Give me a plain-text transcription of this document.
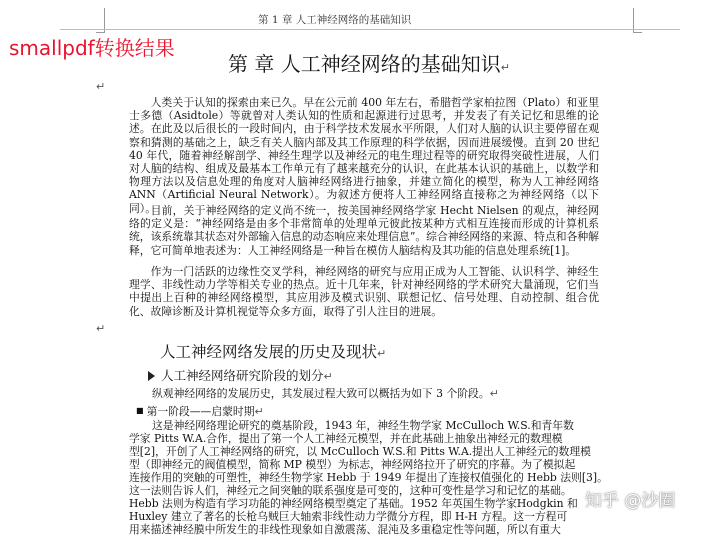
第 1 章 人工神经网络的基础知识
smallpdf转换结果
第 章 人工神经网络的基础知识↵
↵

人类关于认知的探索由来已久。早在公元前 400 年左右，希腊哲学家柏拉图（Plato）和亚里士多德（Asidtole）等就曾对人类认知的性质和起源进行过思考，并发表了有关记忆和思维的论述。在此及以后很长的一段时间内，由于科学技术发展水平所限，人们对人脑的认识主要停留在观察和猜测的基础之上，缺乏有关人脑内部及其工作原理的科学依据，因而进展缓慢。直到 20 世纪 40 年代，随着神经解剖学、神经生理学以及神经元的电生理过程等的研究取得突破性进展，人们对人脑的结构、组成及最基本工作单元有了越来越充分的认识，在此基本认识的基础上，以数学和物理方法以及信息处理的角度对人脑神经网络进行抽象，并建立简化的模型，称为人工神经网络 ANN（Artificial Neural Network）。为叙述方便将人工神经网络直接称之为神经网络（以下同）。

目前，关于神经网络的定义尚不统一，按美国神经网络学家 Hecht Nielsen 的观点，神经网络的定义是：“神经网络是由多个非常简单的处理单元彼此按某种方式相互连接而形成的计算机系统，该系统靠其状态对外部输入信息的动态响应来处理信息”。综合神经网络的来源、特点和各种解释，它可简单地表述为：人工神经网络是一种旨在模仿人脑结构及其功能的信息处理系统[1]。

作为一门活跃的边缘性交叉学科，神经网络的研究与应用正成为人工智能、认识科学、神经生理学、非线性动力学等相关专业的热点。近十几年来，针对神经网络的学术研究大量涌现，它们当中提出上百种的神经网络模型，其应用涉及模式识别、联想记忆、信号处理、自动控制、组合优化、故障诊断及计算机视觉等众多方面，取得了引人注目的进展。

↵
人工神经网络发展的历史及现状↵
人工神经网络研究阶段的划分↵
纵观神经网络的发展历史，其发展过程大致可以概括为如下 3 个阶段。↵
■ 第一阶段——启蒙时期↵
这是神经网络理论研究的奠基阶段，1943 年，神经生物学家 McCulloch W.S.和青年数
学家 Pitts W.A.合作，提出了第一个人工神经元模型，并在此基础上抽象出神经元的数理模
型[2]，开创了人工神经网络的研究，以 McCulloch W.S.和 Pitts W.A.提出人工神经元的数理模
型（即神经元的阀值模型，简称 MP 模型）为标志，神经网络拉开了研究的序幕。为了模拟起
连接作用的突触的可塑性，神经生物学家 Hebb 于 1949 年提出了连接权值强化的 Hebb 法则[3]。
这一法则告诉人们，神经元之间突触的联系强度是可变的，这种可变性是学习和记忆的基础。
Hebb 法则为构造有学习功能的神经网络模型奠定了基础。1952 年英国生物学家Hodgkin 和
Huxley 建立了著名的长枪乌贼巨大轴索非线性动力学微分方程，即 H-H 方程。这一方程可
用来描述神经膜中所发生的非线性现象如自激震荡、混沌及多重稳定性等问题，所以有重大
知乎 @沙圈
